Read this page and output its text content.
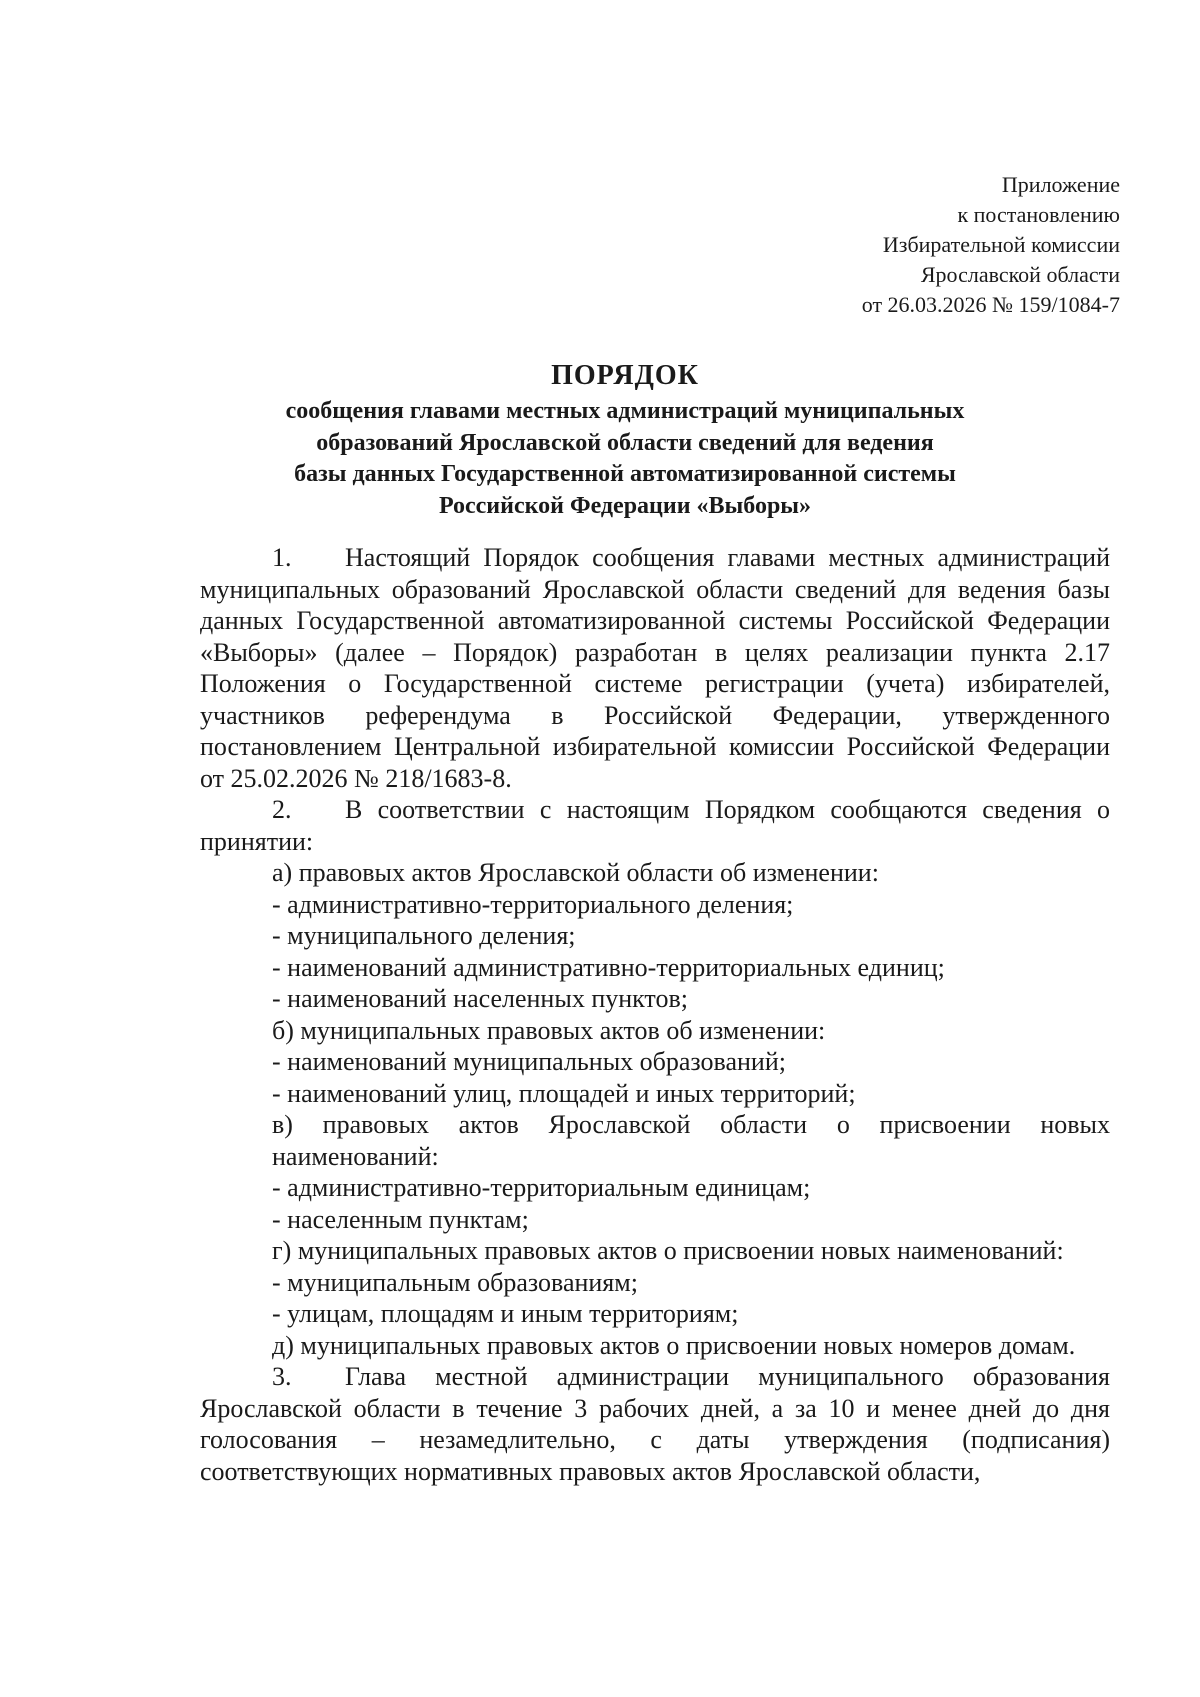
Приложение
к постановлению
Избирательной комиссии
Ярославской области
от 26.03.2026 № 159/1084-7
ПОРЯДОК
сообщения главами местных администраций муниципальных
образований Ярославской области сведений для ведения
базы данных Государственной автоматизированной системы
Российской Федерации «Выборы»

1. Настоящий Порядок сообщения главами местных администраций муниципальных образований Ярославской области сведений для ведения базы данных Государственной автоматизированной системы Российской Федерации «Выборы» (далее – Порядок) разработан в целях реализации пункта 2.17 Положения о Государственной системе регистрации (учета) избирателей, участников референдума в Российской Федерации, утвержденного постановлением Центральной избирательной комиссии Российской Федерации от 25.02.2026 № 218/1683-8.

2. В соответствии с настоящим Порядком сообщаются сведения о принятии:

а) правовых актов Ярославской области об изменении:

- административно-территориального деления;

- муниципального деления;

- наименований административно-территориальных единиц;

- наименований населенных пунктов;

б) муниципальных правовых актов об изменении:

- наименований муниципальных образований;

- наименований улиц, площадей и иных территорий;

в) правовых актов Ярославской области о присвоении новых наименований:

- административно-территориальным единицам;

- населенным пунктам;

г) муниципальных правовых актов о присвоении новых наименований:

- муниципальным образованиям;

- улицам, площадям и иным территориям;

д) муниципальных правовых актов о присвоении новых номеров домам.

3. Глава местной администрации муниципального образования Ярославской области в течение 3 рабочих дней, а за 10 и менее дней до дня голосования – незамедлительно, с даты утверждения (подписания) соответствующих нормативных правовых актов Ярославской области,
